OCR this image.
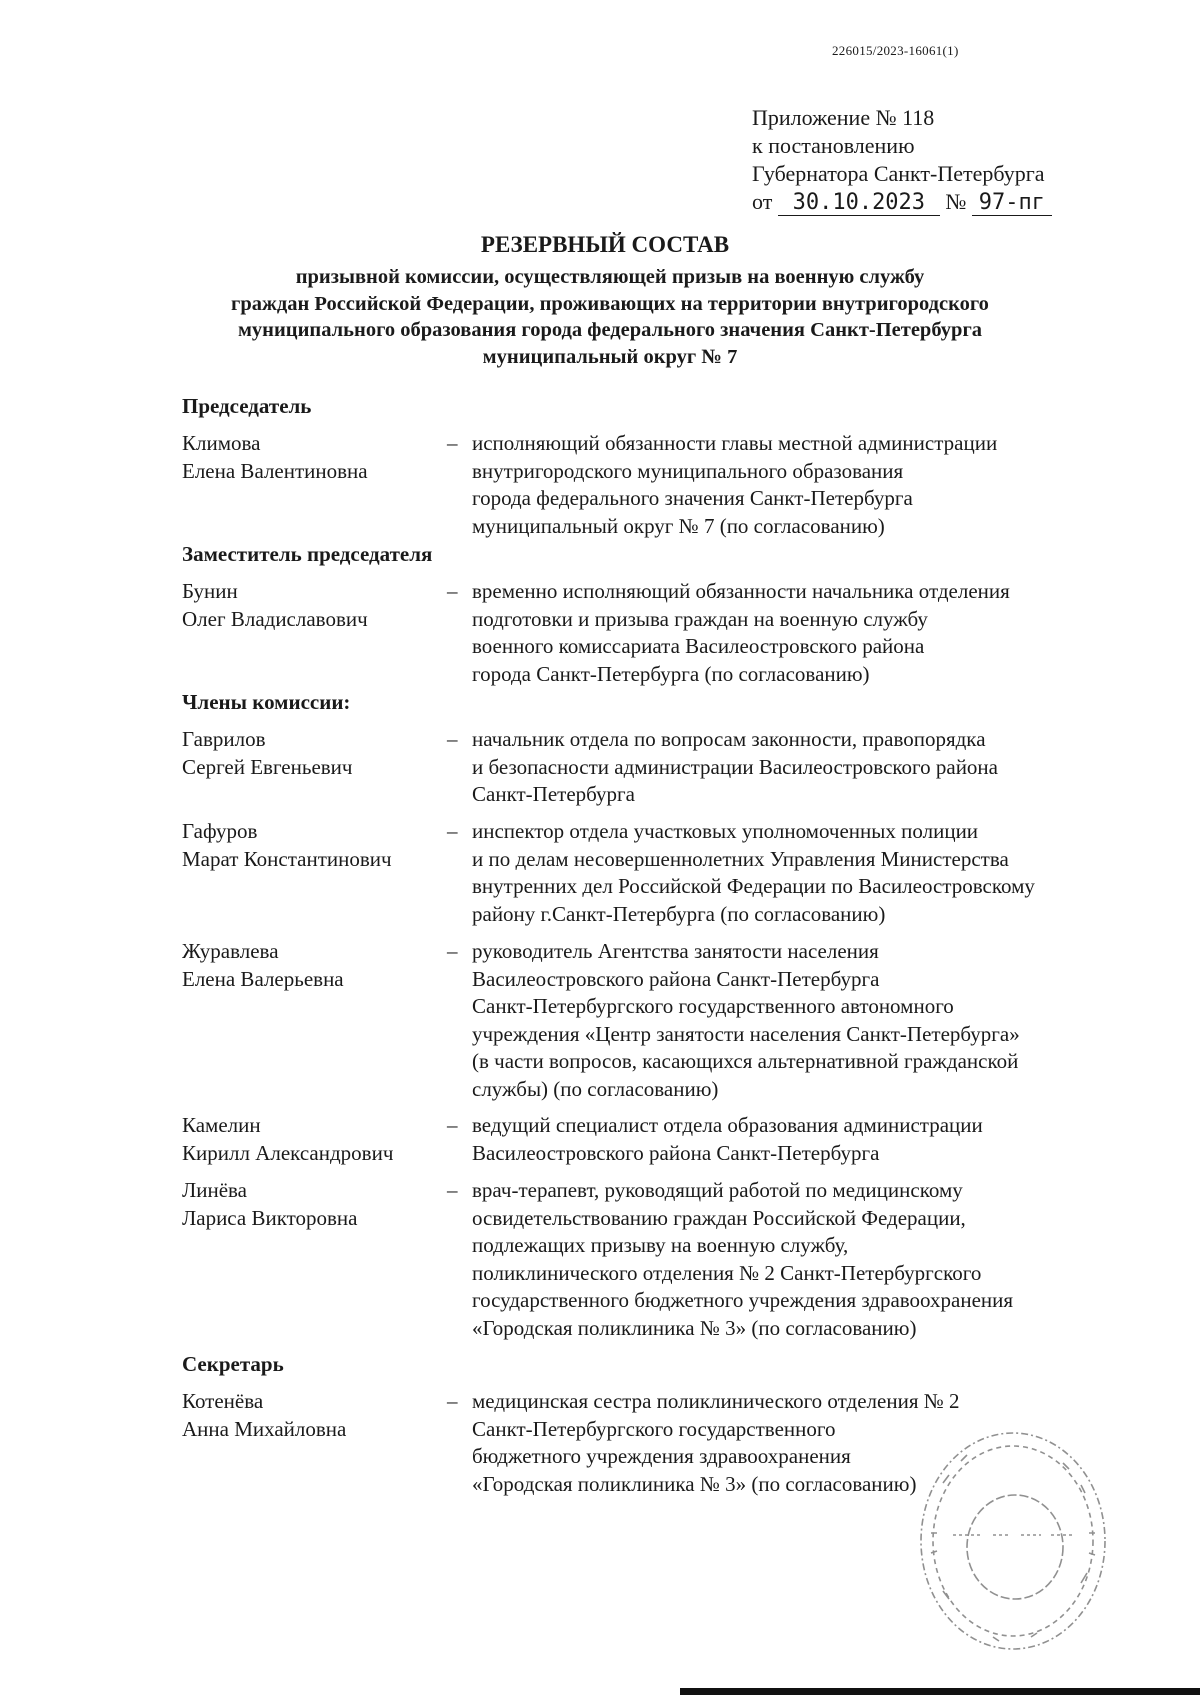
226015/2023-16061(1)
Приложение № 118
к постановлению
Губернатора Санкт-Петербурга
от 30.10.2023 № 97-пг
РЕЗЕРВНЫЙ СОСТАВ
призывной комиссии, осуществляющей призыв на военную службу
граждан Российской Федерации, проживающих на территории внутригородского
муниципального образования города федерального значения Санкт-Петербурга
муниципальный округ № 7
Председатель
Климова
Елена Валентиновна
– исполняющий обязанности главы местной администрации
внутригородского муниципального образования
города федерального значения Санкт-Петербурга
муниципальный округ № 7 (по согласованию)
Заместитель председателя
Бунин
Олег Владиславович
– временно исполняющий обязанности начальника отделения
подготовки и призыва граждан на военную службу
военного комиссариата Василеостровского района
города Санкт-Петербурга (по согласованию)
Члены комиссии:
Гаврилов
Сергей Евгеньевич
– начальник отдела по вопросам законности, правопорядка
и безопасности администрации Василеостровского района
Санкт-Петербурга
Гафуров
Марат Константинович
– инспектор отдела участковых уполномоченных полиции
и по делам несовершеннолетних Управления Министерства
внутренних дел Российской Федерации по Василеостровскому
району г.Санкт-Петербурга (по согласованию)
Журавлева
Елена Валерьевна
– руководитель Агентства занятости населения
Василеостровского района Санкт-Петербурга
Санкт-Петербургского государственного автономного
учреждения «Центр занятости населения Санкт-Петербурга»
(в части вопросов, касающихся альтернативной гражданской
службы) (по согласованию)
Камелин
Кирилл Александрович
– ведущий специалист отдела образования администрации
Василеостровского района Санкт-Петербурга
Линёва
Лариса Викторовна
– врач-терапевт, руководящий работой по медицинскому
освидетельствованию граждан Российской Федерации,
подлежащих призыву на военную службу,
поликлинического отделения № 2 Санкт-Петербургского
государственного бюджетного учреждения здравоохранения
«Городская поликлиника № 3» (по согласованию)
Секретарь
Котенёва
Анна Михайловна
– медицинская сестра поликлинического отделения № 2
Санкт-Петербургского государственного
бюджетного учреждения здравоохранения
«Городская поликлиника № 3» (по согласованию)
